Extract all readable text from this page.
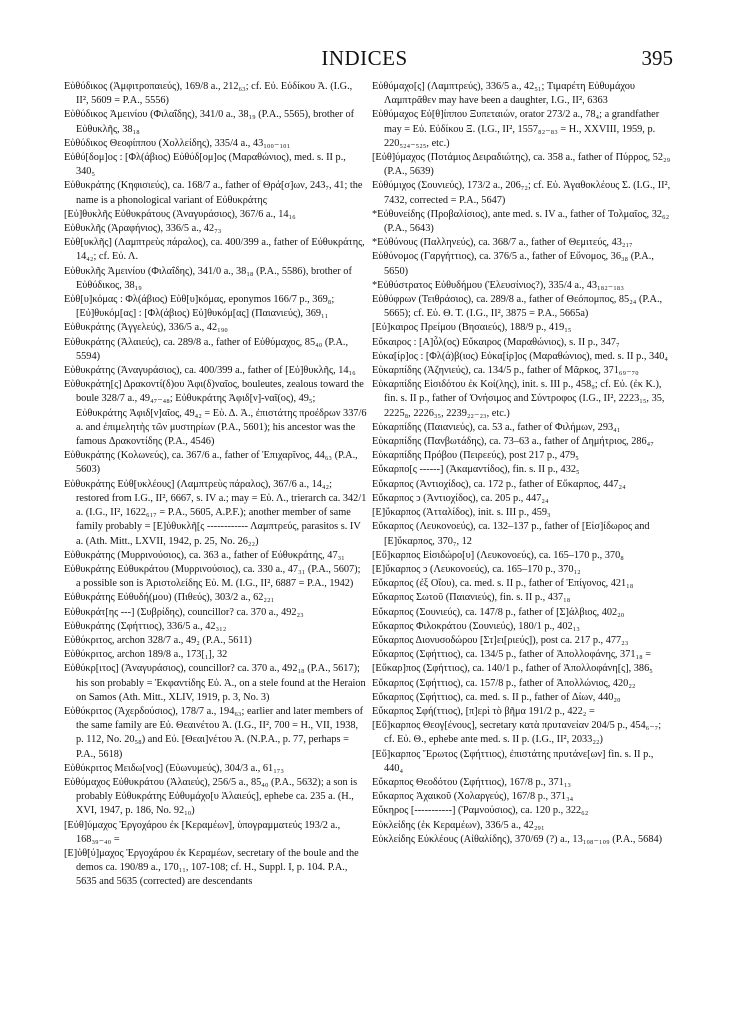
INDICES	395

Εὐθύδικος (Ἀμφιτροπαιεύς), 169/8 a., 212₆₃; cf. Εὐ. Εὐδίκου Ἀ. (I.G., II², 5609 = P.A., 5556)

Εὐθύδικος Ἀμεινίου (Φιλαΐδης), 341/0 a., 38₁₉ (P.A., 5565), brother of Εὐθυκλῆς, 38₁₈

Εὐθύδικος Θεοφίππου (Χολλείδης), 335/4 a., 43₁₀₀₋₁₀₁

Εὐθύ[δομ]ος : [Φλ(άβιος) Εὐθύδ[ομ]ος (Μαραθώνιος), med. s. II p., 340₅

Εὐθυκράτης (Κηφισιεύς), ca. 168/7 a., father of Θρά[σ]ων, 243₇, 41; the name is a phonological variant of Εὐθυκράτης

[Εὐ]θυκλῆς Εὐθυκράτους (Ἀναγυράσιος), 367/6 a., 14₁₆

Εὐθυκλῆς (Ἀραφήνιος), 336/5 a., 42₇₃

Εὐθ[υκλῆς] (Λαμπτρεὺς πάραλος), ca. 400/399 a., father of Εὐθυκράτης, 14₄₂; cf. Εὐ. Λ.

Εὐθυκλῆς Ἀμεινίου (Φιλαΐδης), 341/0 a., 38₁₈ (P.A., 5586), brother of Εὐθύδικος, 38₁₉

Εὐθ[υ]κόμας : Φλ(άβιος) Εὐθ[υ]κόμας, eponymos 166/7 p., 369₈; [Εὐ]θυκόμ[ας] : [Φλ(άβιος) Εὐ]θυκόμ[ας] (Παιανιεύς), 369₁₁

Εὐθυκράτης (Ἀγγελεύς), 336/5 a., 42₁₉₀

Εὐθυκράτης (Ἁλαιεύς), ca. 289/8 a., father of Εὐθύμαχος, 85₄₀ (P.A., 5594)

Εὐθυκράτης (Ἀναγυράσιος), ca. 400/399 a., father of [Εὐ]θυκλῆς, 14₁₆

Εὐθυκράτη[ς] Δρακοντί(δ)ου Ἀφι(δ)ναῖος, bouleutes, zealous toward the boule 328/7 a., 49₄₇₋₄₈; Εὐθυκράτης Ἀφιδ[ν]-ναῖ(ος), 49₅; Εὐθυκράτης Ἀφιδ[ν]αῖος, 49₄₂ = Εὐ. Δ. Ἀ., ἐπιστάτης προέδρων 337/6 a. and ἐπιμελητὴς τῶν μυστηρίων (P.A., 5601); his ancestor was the famous Δρακοντίδης (P.A., 4546)

Εὐθυκράτης (Κολωνεύς), ca. 367/6 a., father of Ἐπιχαρῖνος, 44₆₃ (P.A., 5603)

Εὐθυκράτης Εὐθ[υκλέους] (Λαμπτρεὺς πάραλος), 367/6 a., 14₄₂; restored from I.G., II², 6667, s. IV a.; may = Εὐ. Λ., trierarch ca. 342/1 a. (I.G., II², 1622₆₁₇ = P.A., 5605, A.P.F.); another member of same family probably = [Ε]ὐθυκλῆ[ς ------------ Λαμπτρεύς, parasitos s. IV a. (Ath. Mitt., LXVII, 1942, p. 25, No. 26₂₂)

Εὐθυκράτης (Μυρρινούσιος), ca. 363 a., father of Εὐθυκράτης, 47₃₁

Εὐθυκράτης Εὐθυκράτου (Μυρρινούσιος), ca. 330 a., 47₃₁ (P.A., 5607); a possible son is Ἀριστολείδης Εὐ. Μ. (I.G., II², 6887 = P.A., 1942)

Εὐθυκράτης Εὐθυδή(μου) (Πιθεύς), 303/2 a., 62₂₂₁

Εὐθυκράτ[ης ---] (Συβρίδης), councillor? ca. 370 a., 492₂₃

Εὐθυκράτης (Σφήττιος), 336/5 a., 42₃₁₂

Εὐθύκριτος, archon 328/7 a., 49₂ (P.A., 5611)

Εὐθύκριτος, archon 189/8 a., 173[₁], 32

Εὐθύκρ[ιτος] (Ἀναγυράσιος), councillor? ca. 370 a., 492₁₈ (P.A., 5617); his son probably = Ἐκφαντίδης Εὐ. Ἀ., on a stele found at the Heraion on Samos (Ath. Mitt., XLIV, 1919, p. 3, No. 3)

Εὐθύκριτος (Ἀχερδούσιος), 178/7 a., 194₆₃; earlier and later members of the same family are Εὐ. Θεαινέτου Ἀ. (I.G., II², 700 = H., VII, 1938, p. 112, No. 20₅₈) and Εὐ. [Θεαι]νέτου Ἀ. (N.P.A., p. 77, perhaps = P.A., 5618)

Εὐθύκριτος Μειδω[νος] (Εὐωνυμεύς), 304/3 a., 61₁₇₃

Εὐθύμαχος Εὐθυκράτου (Ἁλαιεύς), 256/5 a., 85₄₀ (P.A., 5632); a son is probably Εὐθυκράτης Εὐθυμάχο[υ Ἁλαιεύς], ephebe ca. 235 a. (H., XVI, 1947, p. 186, No. 92₁₀)

[Εὐθ]ύμαχος Ἐργοχάρου ἐκ [Κεραμέων], ὑπογραμματεύς 193/2 a., 168₃₉₋₄₀ =

[Ε]ὐθ[ύ]μαχος Ἐργοχάρου ἐκ Κεραμέων, secretary of the boule and the demos ca. 190/89 a., 170₁₁, 107-108; cf. H., Suppl. I, p. 104. P.A., 5635 and 5635 (corrected) are descendants

Εὐθύμαχο[ς] (Λαμπτρεύς), 336/5 a., 42₅₁; Τιμαρέτη Εὐθυμάχου Λαμπτρᾶθεν may have been a daughter, I.G., II², 6363

Εὐθύμαχος Εὐ[θ]ίππου Ξυπεταιών, orator 273/2 a., 78₄; a grandfather may = Εὐ. Εὐδίκου Ξ. (I.G., II², 1557₈₂₋₈₃ = H., XXVIII, 1959, p. 220₅₂₄₋₅₂₅, etc.)

[Εὐθ]ύμαχος (Ποτάμιος Δειραδιώτης), ca. 358 a., father of Πύρρος, 52₂₉ (P.A., 5639)

Εὐθύμιχος (Σουνιεύς), 173/2 a., 206₇₂; cf. Εὐ. Ἀγαθοκλέους Σ. (I.G., II², 7432, corrected = P.A., 5647)

*Εὐθυνείδης (Προβαλίσιος), ante med. s. IV a., father of Τολμαῖος, 32₆₂ (P.A., 5643)

*Εὐθύνους (Παλληνεύς), ca. 368/7 a., father of Θεμιτεύς, 43₂₁₇

Εὐθύνομος (Γαργήττιος), ca. 376/5 a., father of Εὔνομος, 36₃₈ (P.A., 5650)

*Εὐθύστρατος Εὐθυδήμου (Ἐλευσίνιος?), 335/4 a., 43₁₈₂₋₁₈₃

Εὐθύφρων (Τειθράσιος), ca. 289/8 a., father of Θεόπομπος, 85₂₄ (P.A., 5665); cf. Εὐ. Θ. Τ. (I.G., II², 3875 = P.A., 5665a)

[Εὐ]καιρος Πρείμου (Βησαιεύς), 188/9 p., 419₁₅

Εὔκαιρος : [Α]ὖλ(ος) Εὔκαιρος (Μαραθώνιος), s. II p., 347₇

Εὐκα[ίρ]ος : [Φλ(ά)β(ιος) Εὐκα[ίρ]ος (Μαραθώνιος), med. s. II p., 340₄

Εὐκαρπίδης (Ἀζηνιεύς), ca. 134/5 p., father of Μᾶρκος, 371₆₉₋₇₀

Εὐκαρπίδης Εἰσιδότου ἐκ Κοί(λης), init. s. III p., 458₉; cf. Εὐ. (ἐκ Κ.), fin. s. II p., father of Ὀνήσιμος and Σύντροφος (I.G., II², 2223₁₅, 35, 2225₈, 2226₃₅, 2239₂₂₋₂₃, etc.)

Εὐκαρπίδης (Παιανιεύς), ca. 53 a., father of Φιλήμων, 293₄₁

Εὐκαρπίδης (Πανβωτάδης), ca. 73–63 a., father of Δημήτριος, 286₄₇

Εὐκαρπίδης Πρόβου (Πειρεεύς), post 217 p., 479₅

Εὔκαρπο[ς ------] (Ἀκαμαντίδος), fin. s. II p., 432₅

Εὔκαρπος (Ἀντιοχίδος), ca. 172 p., father of Εὔκαρπος, 447₂₄

Εὔκαρπος ͻ (Ἀντιοχίδος), ca. 205 p., 447₂₄

[Ε]ὔκαρπος (Ἀτταλίδος), init. s. III p., 459₃

Εὔκαρπος (Λευκονοεύς), ca. 132–137 p., father of [Εἰσ]ίδωρος and [Ε]ὔκαρπος, 370₇, 12

[Εὔ]καρπος Εἰσιδώρο[υ] (Λευκονοεύς), ca. 165–170 p., 370₈

[Ε]ὔκαρπος ͻ (Λευκονοεύς), ca. 165–170 p., 370₁₂

Εὔκαρπος (ἐξ Οἴου), ca. med. s. II p., father of Ἐπίγονος, 421₁₈

Εὔκαρπος Σωτοῦ (Παιανιεύς), fin. s. II p., 437₁₈

Εὔκαρπος (Σουνιεύς), ca. 147/8 p., father of [Σ]άλβιος, 402₂₀

Εὔκαρπος Φιλοκράτου (Σουνιεύς), 180/1 p., 402₁₃

Εὔκαρπος Διονυσοδώρου [Στ]ει[ριεύς]), post ca. 217 p., 477₂₃

Εὔκαρπος (Σφήττιος), ca. 134/5 p., father of Ἀπολλοφάνης, 371₁₈ =

[Εὔκαρ]πος (Σφήττιος), ca. 140/1 p., father of Ἀπολλοφάνη[ς], 386₅

Εὔκαρπος (Σφήττιος), ca. 157/8 p., father of Ἀπολλώνιος, 420₂₂

Εὔκαρπος (Σφήττιος), ca. med. s. II p., father of Δίων, 440₂₀

Εὔκαρπος Σφή(ττιος), [π]ερὶ τὸ βῆμα 191/2 p., 422₂ =

[Εὔ]καρπος Θεογ[ένους], secretary κατὰ πρυτανείαν 204/5 p., 454₆₋₇; cf. Εὐ. Θ., ephebe ante med. s. II p. (I.G., II², 2033₂₂)

[Εὔ]καρπος Ἔρωτος (Σφήττιος), ἐπιστάτης πρυτάνε[ων] fin. s. II p., 440₄

Εὔκαρπος Θεοδότου (Σφήττιος), 167/8 p., 371₁₃

Εὔκαρπος Ἀχαικοῦ (Χολαργεύς), 167/8 p., 371₃₄

Εὔκηρος [-----------] (Ῥαμνούσιος), ca. 120 p., 322₆₂

Εὐκλείδης (ἐκ Κεραμέων), 336/5 a., 42₂₉₁

Εὐκλείδης Εὐκλέους (Αἰθαλίδης), 370/69 (?) a., 13₁₀₈₋₁₀₉ (P.A., 5684)
